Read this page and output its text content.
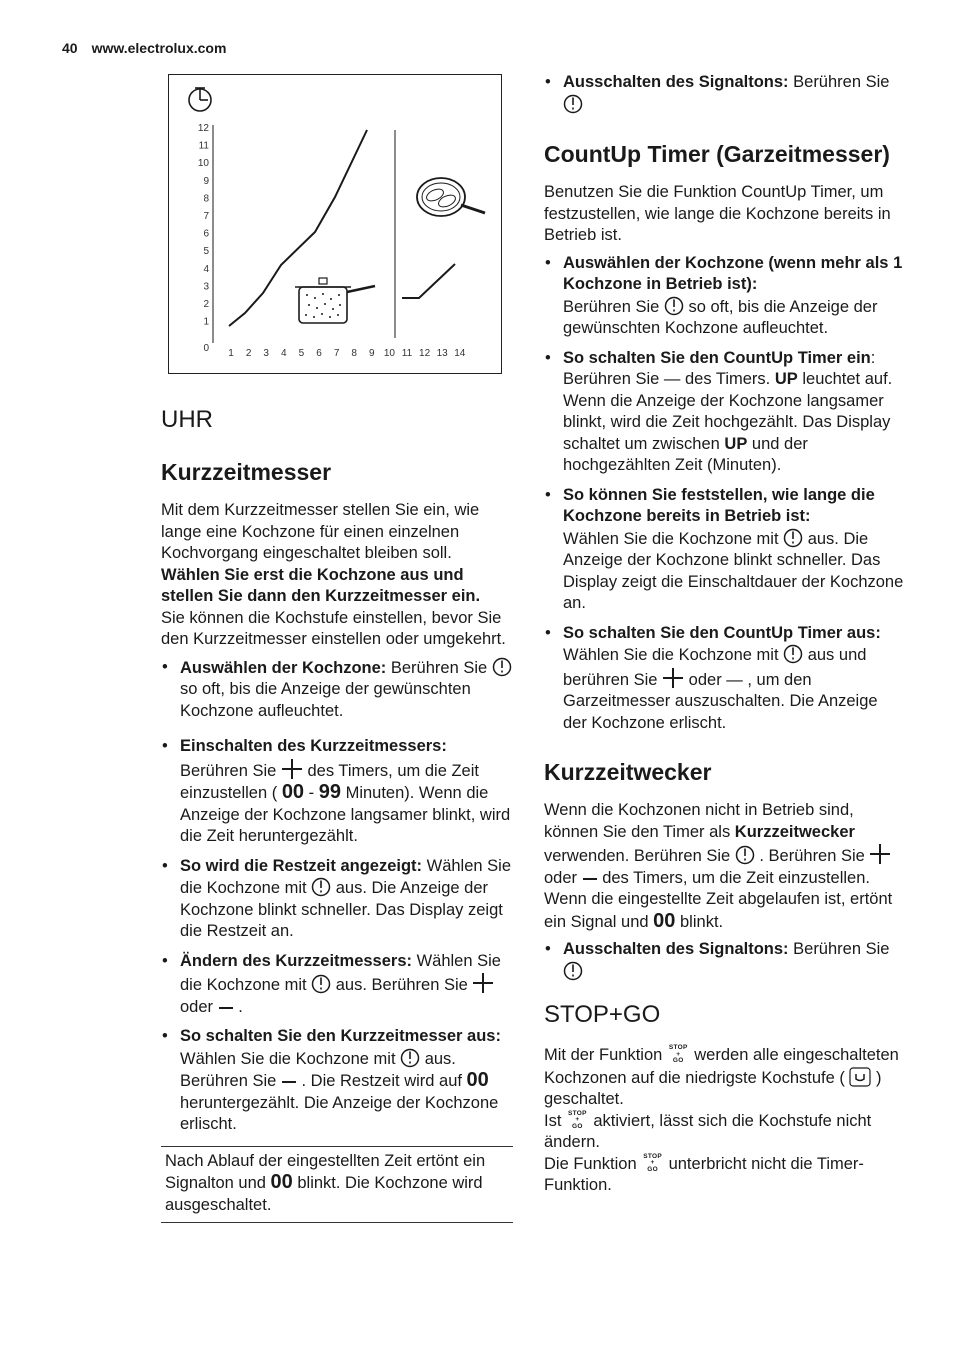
40 www.electrolux.com
12
11
10
9
8
7
6
5
4
3
2
1
0 1 2 3 4 5 6 7 8 9 10 11 12 13 14
UHR
Kurzzeitmesser

Mit dem Kurzzeitmesser stellen Sie ein, wie lange eine Kochzone für einen einzelnen Kochvorgang eingeschaltet bleiben soll.
Wählen Sie erst die Kochzone aus und stellen Sie dann den Kurzzeitmesser ein.
Sie können die Kochstufe einstellen, bevor Sie den Kurzzeitmesser einstellen oder umgekehrt.

• Auswählen der Kochzone: Berühren Sie  so oft, bis die Anzeige der gewünschten Kochzone aufleuchtet.
• Einschalten des Kurzzeitmessers:
Berühren Sie  des Timers, um die Zeit einzustellen ( 00 - 99 Minuten). Wenn die Anzeige der Kochzone langsamer blinkt, wird die Zeit heruntergezählt.
• So wird die Restzeit angezeigt: Wählen Sie die Kochzone mit  aus. Die Anzeige der Kochzone blinkt schneller. Das Display zeigt die Restzeit an.
• Ändern des Kurzzeitmessers: Wählen Sie die Kochzone mit  aus. Berühren Sie  oder  .
• So schalten Sie den Kurzzeitmesser aus: Wählen Sie die Kochzone mit  aus. Berühren Sie  . Die Restzeit wird auf 00 heruntergezählt. Die Anzeige der Kochzone erlischt.
Nach Ablauf der eingestellten Zeit ertönt ein Signalton und 00 blinkt. Die Kochzone wird ausgeschaltet.
• Ausschalten des Signaltons: Berühren Sie
CountUp Timer (Garzeitmesser)

Benutzen Sie die Funktion CountUp Timer, um festzustellen, wie lange die Kochzone bereits in Betrieb ist.

• Auswählen der Kochzone (wenn mehr als 1 Kochzone in Betrieb ist):
Berühren Sie  so oft, bis die Anzeige der gewünschten Kochzone aufleuchtet.
• So schalten Sie den CountUp Timer ein: Berühren Sie — des Timers. UP leuchtet auf. Wenn die Anzeige der Kochzone langsamer blinkt, wird die Zeit hochgezählt. Das Display schaltet um zwischen UP und der hochgezählten Zeit (Minuten).
• So können Sie feststellen, wie lange die Kochzone bereits in Betrieb ist:
Wählen Sie die Kochzone mit  aus. Die Anzeige der Kochzone blinkt schneller. Das Display zeigt die Einschaltdauer der Kochzone an.
• So schalten Sie den CountUp Timer aus: Wählen Sie die Kochzone mit  aus und berühren Sie  oder — , um den Garzeitmesser auszuschalten. Die Anzeige der Kochzone erlischt.
Kurzzeitwecker

Wenn die Kochzonen nicht in Betrieb sind, können Sie den Timer als Kurzzeitwecker verwenden. Berühren Sie  . Berühren Sie  oder  des Timers, um die Zeit einzustellen. Wenn die eingestellte Zeit abgelaufen ist, ertönt ein Signal und 00 blinkt.

• Ausschalten des Signaltons: Berühren Sie
STOP+GO

Mit der Funktion STOP
+
GO werden alle eingeschalteten Kochzonen auf die niedrigste Kochstufe (  ) geschaltet.
Ist STOP
+
GO aktiviert, lässt sich die Kochstufe nicht ändern.
Die Funktion STOP
+
GO unterbricht nicht die Timer-Funktion.
